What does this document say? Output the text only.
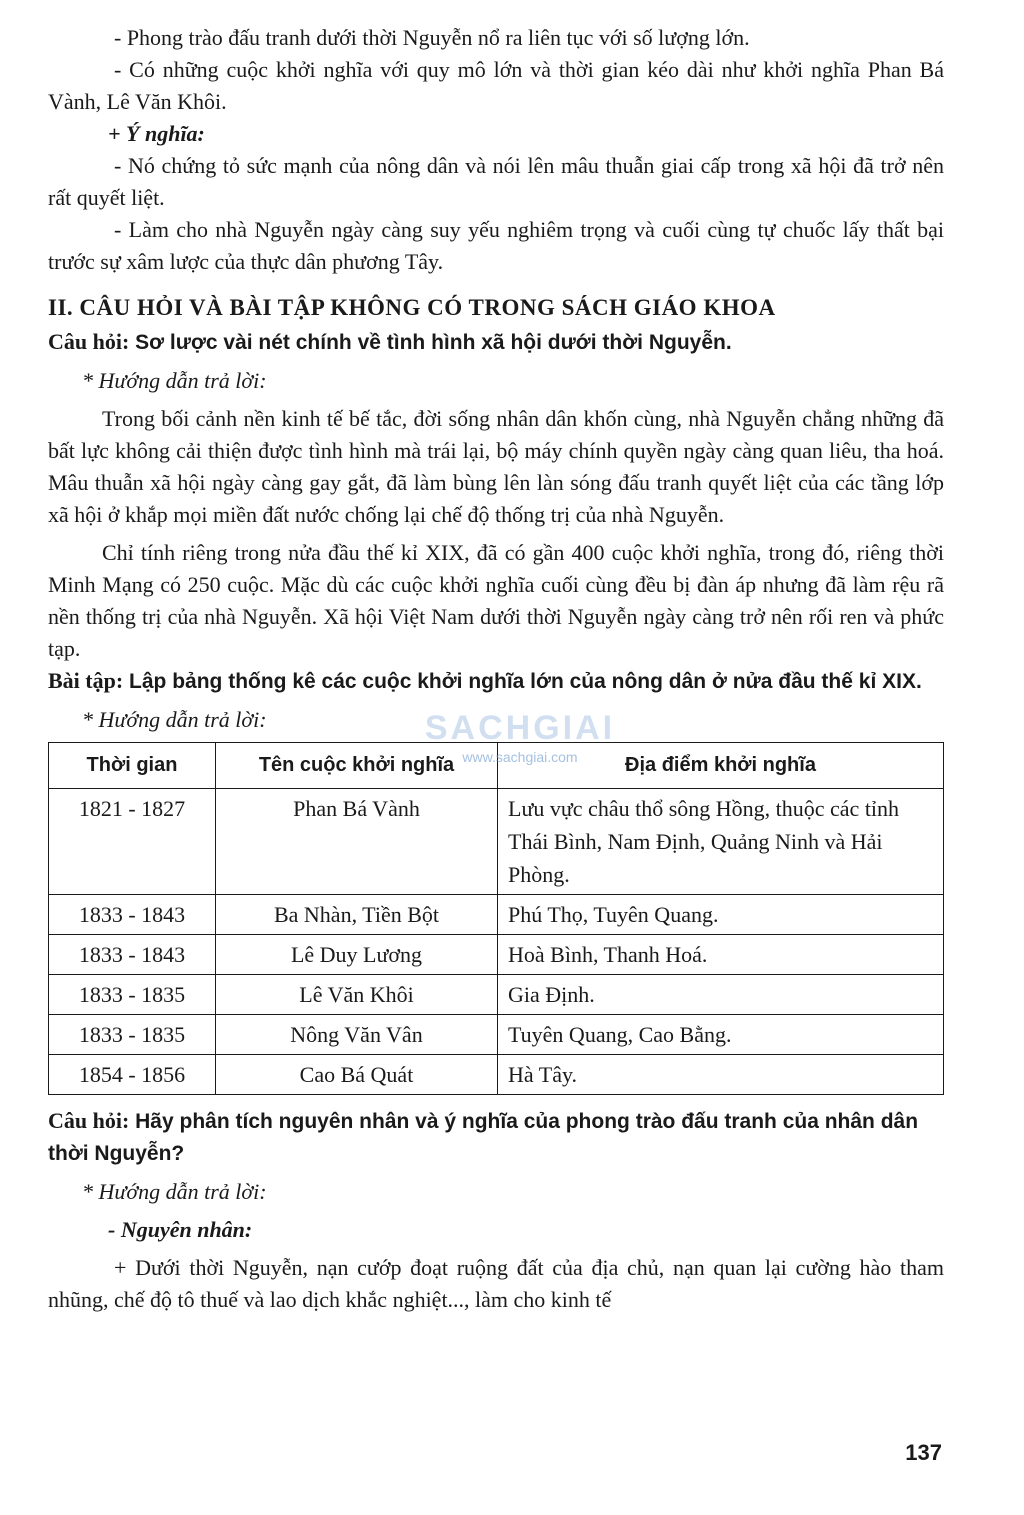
- Phong trào đấu tranh dưới thời Nguyễn nổ ra liên tục với số lượng lớn.

- Có những cuộc khởi nghĩa với quy mô lớn và thời gian kéo dài như khởi nghĩa Phan Bá Vành, Lê Văn Khôi.

+ Ý nghĩa:

- Nó chứng tỏ sức mạnh của nông dân và nói lên mâu thuẫn giai cấp trong xã hội đã trở nên rất quyết liệt.

- Làm cho nhà Nguyễn ngày càng suy yếu nghiêm trọng và cuối cùng tự chuốc lấy thất bại trước sự xâm lược của thực dân phương Tây.

II. CÂU HỎI VÀ BÀI TẬP KHÔNG CÓ TRONG SÁCH GIÁO KHOA

Câu hỏi: Sơ lược vài nét chính về tình hình xã hội dưới thời Nguyễn.

* Hướng dẫn trả lời:

Trong bối cảnh nền kinh tế bế tắc, đời sống nhân dân khốn cùng, nhà Nguyễn chẳng những đã bất lực không cải thiện được tình hình mà trái lại, bộ máy chính quyền ngày càng quan liêu, tha hoá. Mâu thuẫn xã hội ngày càng gay gắt, đã làm bùng lên làn sóng đấu tranh quyết liệt của các tầng lớp xã hội ở khắp mọi miền đất nước chống lại chế độ thống trị của nhà Nguyễn.

Chỉ tính riêng trong nửa đầu thế kỉ XIX, đã có gần 400 cuộc khởi nghĩa, trong đó, riêng thời Minh Mạng có 250 cuộc. Mặc dù các cuộc khởi nghĩa cuối cùng đều bị đàn áp nhưng đã làm rệu rã nền thống trị của nhà Nguyễn. Xã hội Việt Nam dưới thời Nguyễn ngày càng trở nên rối ren và phức tạp.

Bài tập: Lập bảng thống kê các cuộc khởi nghĩa lớn của nông dân ở nửa đầu thế kỉ XIX.

* Hướng dẫn trả lời:

Thời gian	Tên cuộc khởi nghĩa	Địa điểm khởi nghĩa
1821 - 1827	Phan Bá Vành	Lưu vực châu thổ sông Hồng, thuộc các tỉnh Thái Bình, Nam Định, Quảng Ninh và Hải Phòng.
1833 - 1843	Ba Nhàn, Tiền Bột	Phú Thọ, Tuyên Quang.
1833 - 1843	Lê Duy Lương	Hoà Bình, Thanh Hoá.
1833 - 1835	Lê Văn Khôi	Gia Định.
1833 - 1835	Nông Văn Vân	Tuyên Quang, Cao Bằng.
1854 - 1856	Cao Bá Quát	Hà Tây.

Câu hỏi: Hãy phân tích nguyên nhân và ý nghĩa của phong trào đấu tranh của nhân dân thời Nguyễn?

* Hướng dẫn trả lời:

- Nguyên nhân:

+ Dưới thời Nguyễn, nạn cướp đoạt ruộng đất của địa chủ, nạn quan lại cường hào tham nhũng, chế độ tô thuế và lao dịch khắc nghiệt..., làm cho kinh tế

SACHGIAI
www.sachgiai.com
137
